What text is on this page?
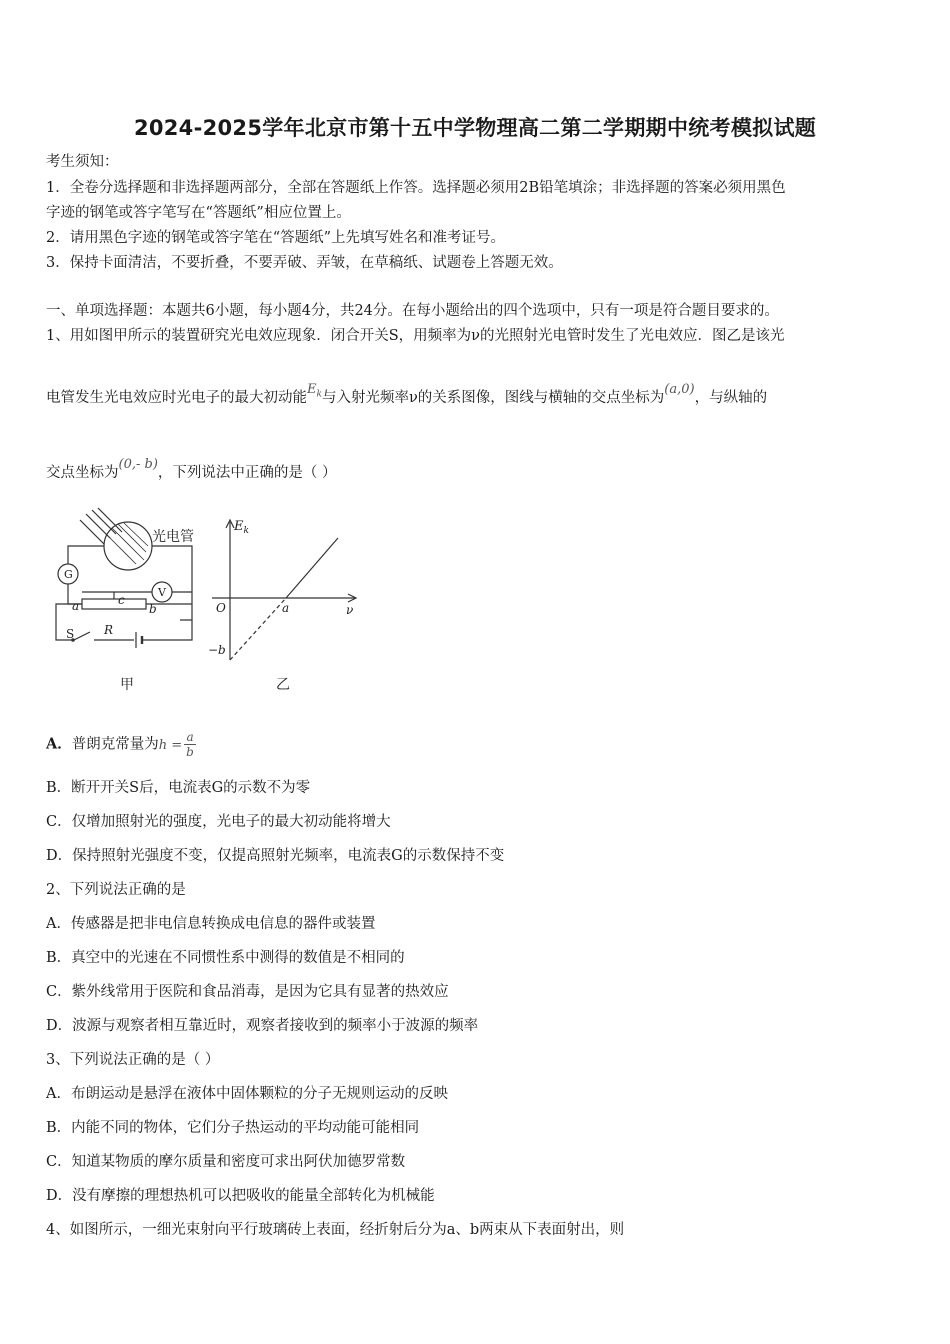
2024-2025学年北京市第十五中学物理高二第二学期期中统考模拟试题
考生须知：
1．全卷分选择题和非选择题两部分，全部在答题纸上作答。选择题必须用2B铅笔填涂；非选择题的答案必须用黑色
字迹的钢笔或答字笔写在“答题纸”相应位置上。
2．请用黑色字迹的钢笔或答字笔在“答题纸”上先填写姓名和准考证号。
3．保持卡面清洁，不要折叠，不要弄破、弄皱，在草稿纸、试题卷上答题无效。
一、单项选择题：本题共6小题，每小题4分，共24分。在每小题给出的四个选项中，只有一项是符合题目要求的。
1、用如图甲所示的装置研究光电效应现象．闭合开关S，用频率为ν的光照射光电管时发生了光电效应．图乙是该光
电管发生光电效应时光电子的最大初动能$E_k$与入射光频率ν的关系图像，图线与横轴的交点坐标为(a,0)，与纵轴的
交点坐标为(0,- b)，下列说法中正确的是（ ）
光电管
G
V
a	b
c
S R
甲
$E_k$
ν
O	a
−b
乙
A．普朗克常量为$h = \frac{a}{b}$
B．断开开关S后，电流表G的示数不为零
C．仅增加照射光的强度，光电子的最大初动能将增大
D．保持照射光强度不变，仅提高照射光频率，电流表G的示数保持不变
2、下列说法正确的是
A．传感器是把非电信息转换成电信息的器件或装置
B．真空中的光速在不同惯性系中测得的数值是不相同的
C．紫外线常用于医院和食品消毒，是因为它具有显著的热效应
D．波源与观察者相互靠近时，观察者接收到的频率小于波源的频率
3、下列说法正确的是（ ）
A．布朗运动是悬浮在液体中固体颗粒的分子无规则运动的反映
B．内能不同的物体，它们分子热运动的平均动能可能相同
C．知道某物质的摩尔质量和密度可求出阿伏加德罗常数
D．没有摩擦的理想热机可以把吸收的能量全部转化为机械能
4、如图所示，一细光束射向平行玻璃砖上表面，经折射后分为a、b两束从下表面射出，则
